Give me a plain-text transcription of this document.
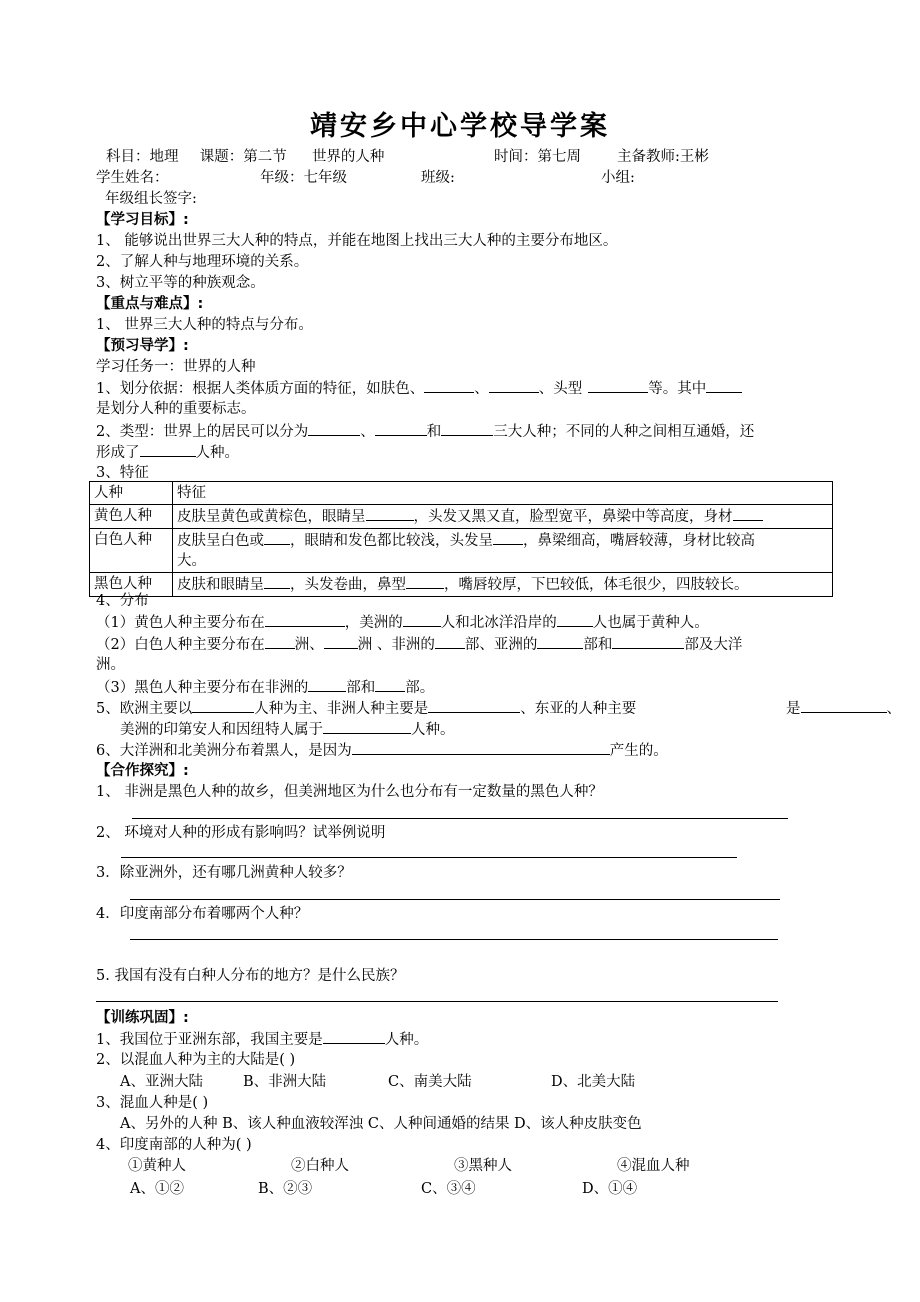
靖安乡中心学校导学案
科目：地理 课题：第二节 世界的人种	时间：第七周 主备教师:王彬
学生姓名：	年级：七年级	班级:	小组:
年级组长签字:
【学习目标】:
1、 能够说出世界三大人种的特点，并能在地图上找出三大人种的主要分布地区。
2、了解人种与地理环境的关系。
3、树立平等的种族观念。
【重点与难点】:
1、 世界三大人种的特点与分布。
【预习导学】:
学习任务一：世界的人种
1、划分依据：根据人类体质方面的特征，如肤色、	、	、头型	等。其中
是划分人种的重要标志。
2、类型：世界上的居民可以分为	、	和	三大人种；不同的人种之间相互通婚，还
形成了	人种。
3、特征
人种	特征
黄色人种	皮肤呈黄色或黄棕色，眼睛呈 ，头发又黑又直，脸型宽平，鼻梁中等高度，身材
白色人种	皮肤呈白色或 ，眼睛和发色都比较浅，头发呈 ，鼻梁细高，嘴唇较薄，身材比较高
大。
黑色人种	皮肤和眼睛呈 ，头发卷曲，鼻型 ，嘴唇较厚，下巴较低，体毛很少，四肢较长。
4、分布
（1）黄色人种主要分布在	，美洲的	人和北冰洋沿岸的 人也属于黄种人。
（2）白色人种主要分布在 洲、 洲 、非洲的 部、亚洲的	部和	部及大洋
洲。
（3）黑色人种主要分布在非洲的	部和 部。
5、欧洲主要以	人种为主、非洲人种主要是	、东亚的人种主要	是	、
美洲的印第安人和因纽特人属于	人种。
6、大洋洲和北美洲分布着黑人，是因为	产生的。
【合作探究】:
1、 非洲是黑色人种的故乡，但美洲地区为什么也分布有一定数量的黑色人种？
2、 环境对人种的形成有影响吗？试举例说明
3．除亚洲外，还有哪几洲黄种人较多？
4．印度南部分布着哪两个人种？
5. 我国有没有白种人分布的地方？是什么民族？
【训练巩固】:
1、我国位于亚洲东部，我国主要是	人种。
2、以混血人种为主的大陆是( )
A、亚洲大陆	B、非洲大陆	C、南美大陆	D、北美大陆
3、混血人种是( )
A、另外的人种 B、该人种血液较浑浊 C、人种间通婚的结果 D、该人种皮肤变色
4、印度南部的人种为( )
①黄种人	②白种人	③黑种人	④混血人种
A、①②	B、②③	C、③④	D、①④
